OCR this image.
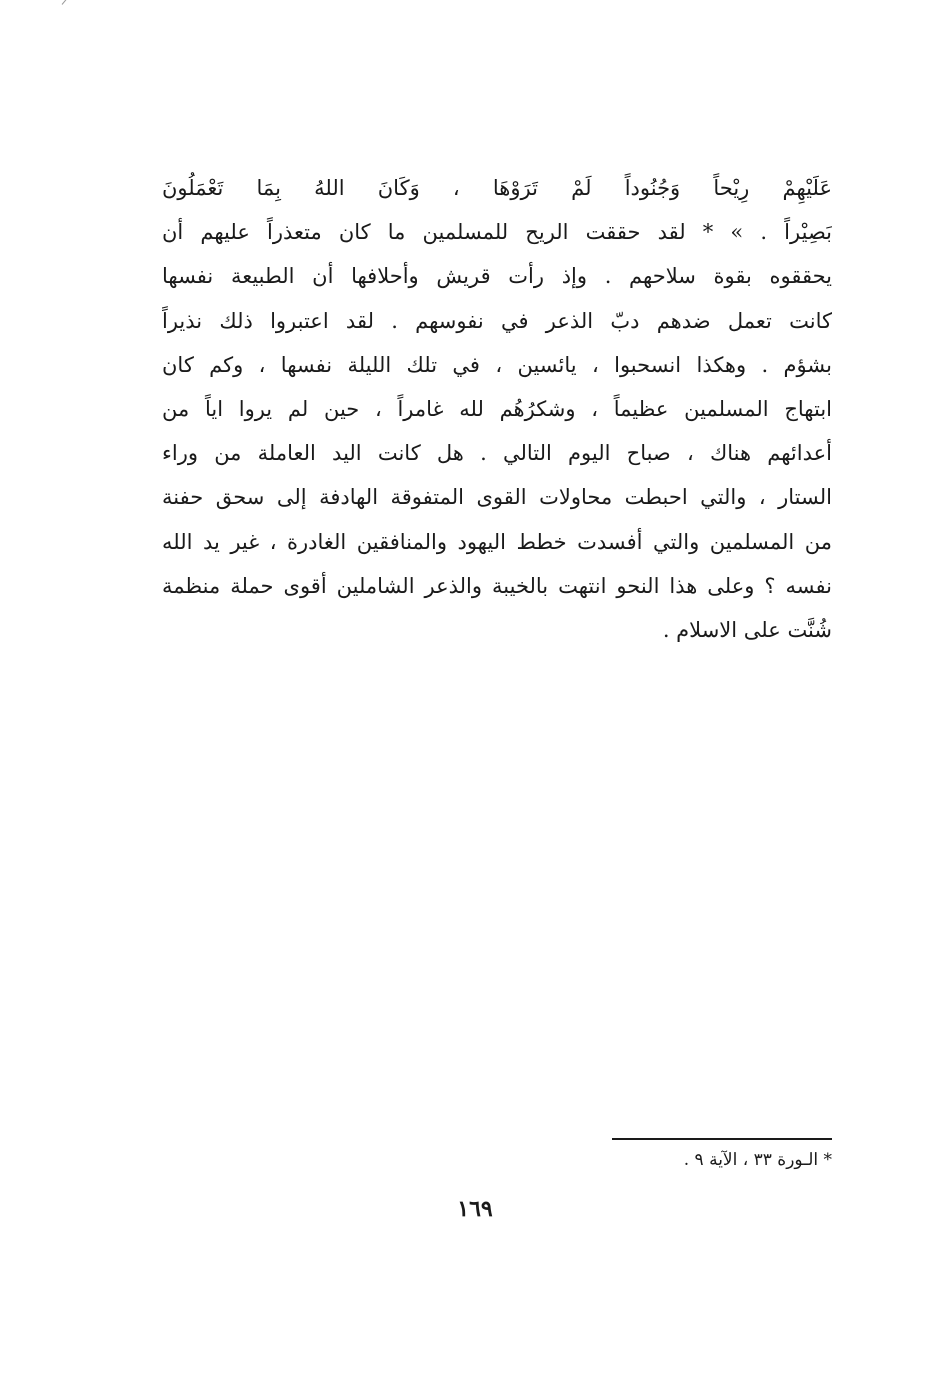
عَلَيْهِمْ رِيْحاً وَجُنُوداً لَمْ تَرَوْهَا ، وَكَانَ اللهُ بِمَا تَعْمَلُونَ
بَصِيْراً . » * لقد حققت الريح للمسلمين ما كان متعذراً عليهم أن
يحققوه بقوة سلاحهم . وإذ رأت قريش وأحلافها أن الطبيعة نفسها
كانت تعمل ضدهم دبّ الذعر في نفوسهم . لقد اعتبروا ذلك نذيراً
بشؤم . وهكذا انسحبوا ، يائسين ، في تلك الليلة نفسها ، وكم كان
ابتهاج المسلمين عظيماً ، وشكرُهُم لله غامراً ، حين لم يروا اياً من
أعدائهم هناك ، صباح اليوم التالي . هل كانت اليد العاملة من وراء
الستار ، والتي احبطت محاولات القوى المتفوقة الهادفة إلى سحق حفنة
من المسلمين والتي أفسدت خطط اليهود والمنافقين الغادرة ، غير يد الله
نفسه ؟ وعلى هذا النحو انتهت بالخيبة والذعر الشاملين أقوى حملة منظمة
شُنَّت على الاسلام .
* الـورة ٣٣ ، الآية ٩ .
١٦٩
